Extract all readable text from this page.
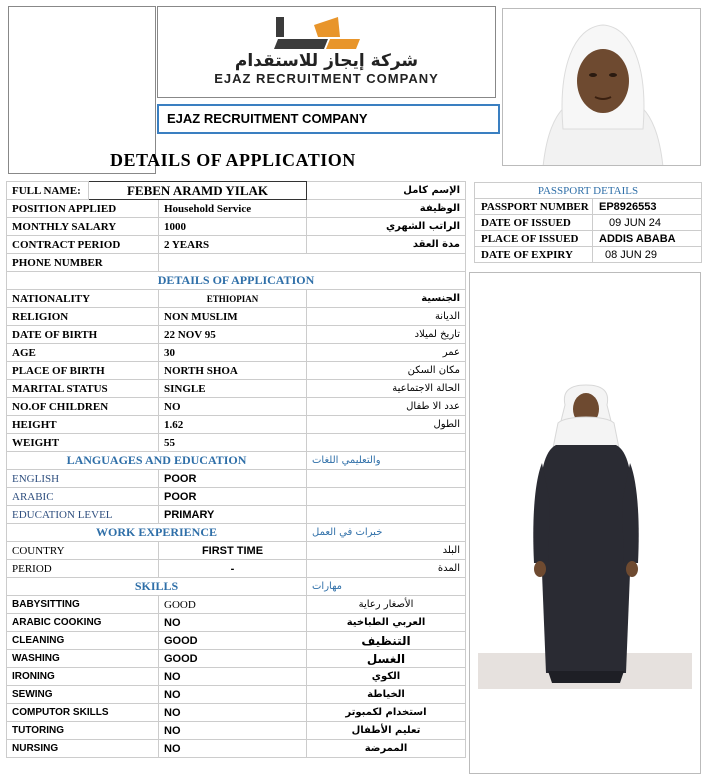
شركة إيجاز للاستقدام
EJAZ RECRUITMENT COMPANY
EJAZ RECRUITMENT COMPANY
DETAILS OF APPLICATION
FULL NAME:	FEBEN ARAMD YILAK		الإسم كامل
POSITION APPLIED		Household Service	الوظيفة
MONTHLY SALARY		1000	الراتب الشهري
CONTRACT PERIOD		2 YEARS	مدة العقد
PHONE NUMBER			
DETAILS OF APPLICATION			
NATIONALITY		ETHIOPIAN	الجنسية
RELIGION		NON MUSLIM	الديانة
DATE OF BIRTH		22 NOV 95	تاريخ لميلاد
AGE		30	عمر
PLACE OF BIRTH		NORTH SHOA	مكان السكن
MARITAL STATUS		SINGLE	الحالة الاجتماعية
NO.OF CHILDREN		NO	عدد الا طفال
HEIGHT		1.62	الطول
WEIGHT		55	
LANGUAGES AND EDUCATION			والتعليمي اللغات
ENGLISH		POOR	
ARABIC		POOR	
EDUCATION LEVEL		PRIMARY	
WORK EXPERIENCE			خبرات في العمل
COUNTRY		FIRST TIME	البلد
PERIOD		-	المدة
SKILLS			مهارات
BABYSITTING		GOOD	الأصغار رعاية
ARABIC COOKING		NO	العربي الطباخية
CLEANING		GOOD	التنظيف
WASHING		GOOD	الغسل
IRONING		NO	الكوي
SEWING		NO	الخياطة
COMPUTOR SKILLS		NO	استخدام لكمبوتر
TUTORING		NO	تعليم الأطفال
NURSING		NO	الممرضة
PASSPORT DETAILS	
PASSPORT NUMBER	EP8926553
DATE OF ISSUED	09 JUN 24
PLACE OF ISSUED	ADDIS ABABA
DATE OF EXPIRY	08 JUN 29
